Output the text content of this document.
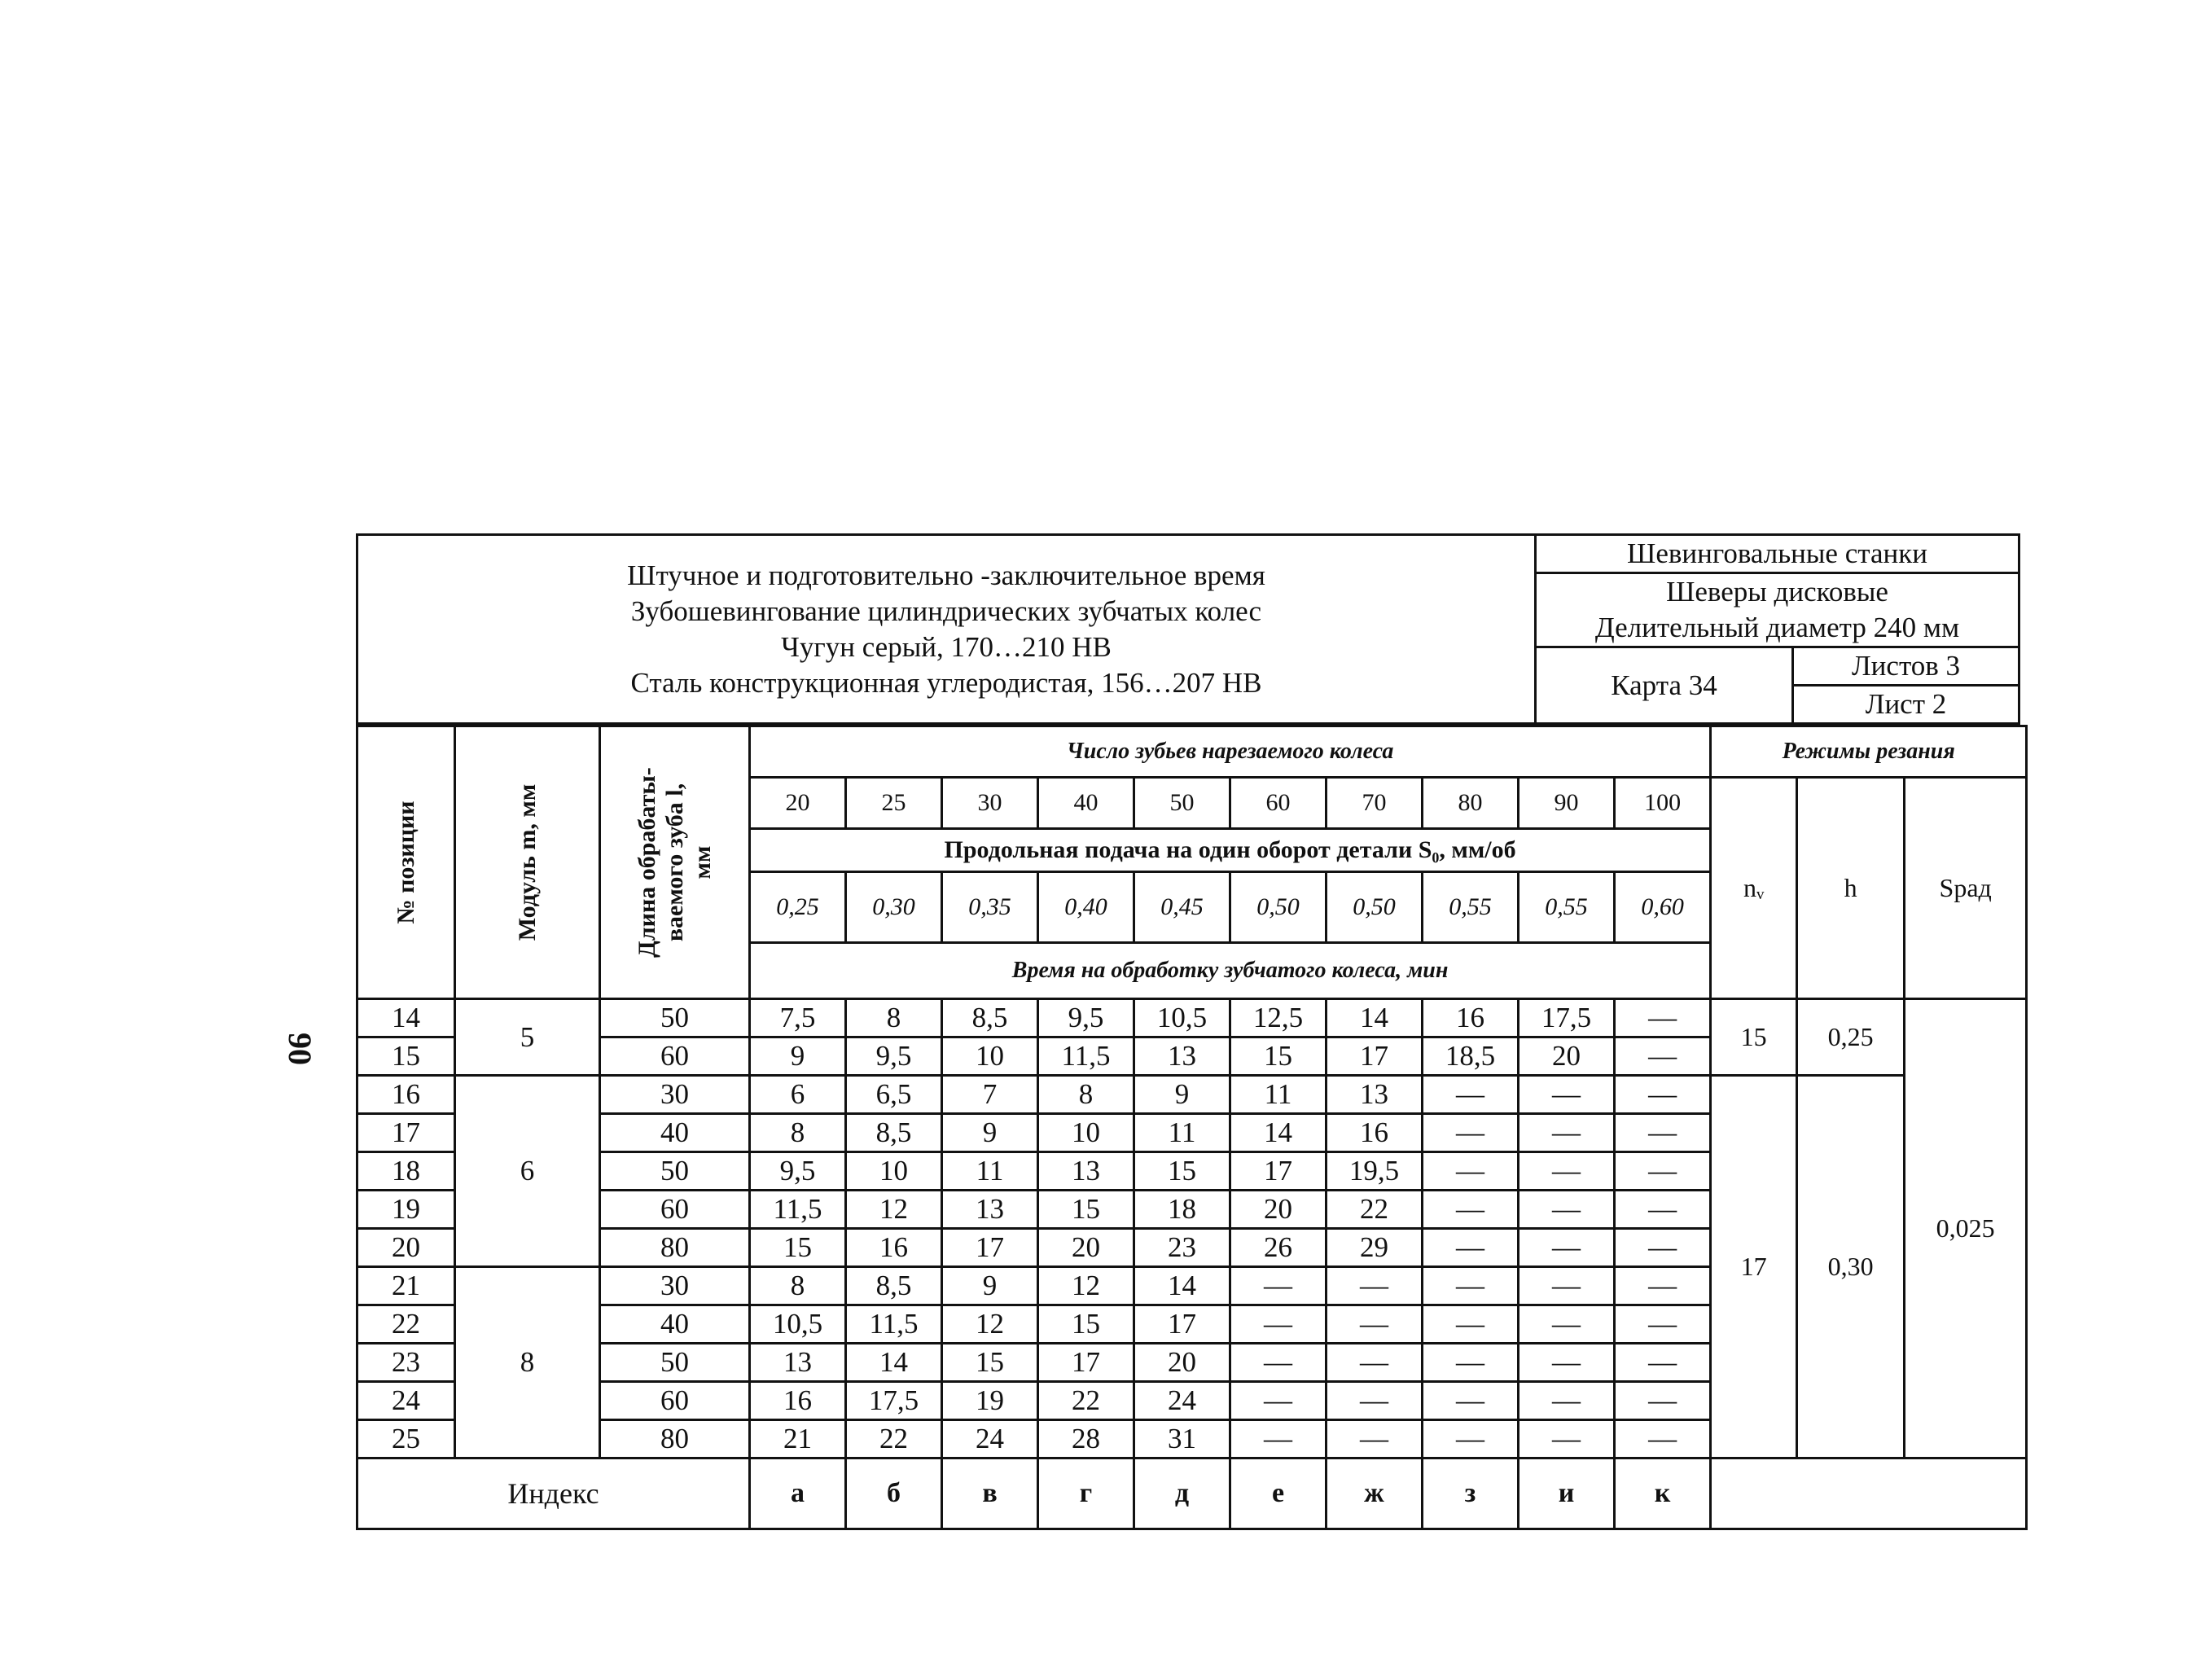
90
Штучное и подготовительно -заключительное время
Зубошевингование цилиндрических зубчатых колес
Чугун серый, 170…210 НВ
Сталь конструкционная углеродистая, 156…207 НВ	Шевинговальные станки	

	Шеверы дисковые
Делительный диаметр 240 мм	

	Карта 34	Листов 3
		Лист 2
№ позиции	Модуль m, мм	Длина обрабаты-ваемого зуба l, мм	Число зубьев нарезаемого колеса										Режимы резания		
			20	25	30	40	50	60	70	80	90	100	nᵥ	h	Sрад
			Продольная подача на один оборот детали S₀, мм/об												
			0,25	0,30	0,35	0,40	0,45	0,50	0,50	0,55	0,55	0,60			
			Время на обработку зубчатого колеса, мин												
14	5	50	7,5	8	8,5	9,5	10,5	12,5	14	16	17,5	—	15	0,25	0,025
15		60	9	9,5	10	11,5	13	15	17	18,5	20	—			
16	6	30	6	6,5	7	8	9	11	13	—	—	—	17	0,30	
17		40	8	8,5	9	10	11	14	16	—	—	—			
18		50	9,5	10	11	13	15	17	19,5	—	—	—			
19		60	11,5	12	13	15	18	20	22	—	—	—			
20		80	15	16	17	20	23	26	29	—	—	—			
21	8	30	8	8,5	9	12	14	—	—	—	—	—			
22		40	10,5	11,5	12	15	17	—	—	—	—	—			
23		50	13	14	15	17	20	—	—	—	—	—			
24		60	16	17,5	19	22	24	—	—	—	—	—			
25		80	21	22	24	28	31	—	—	—	—	—			
Индекс			а	б	в	г	д	е	ж	з	и	к			
